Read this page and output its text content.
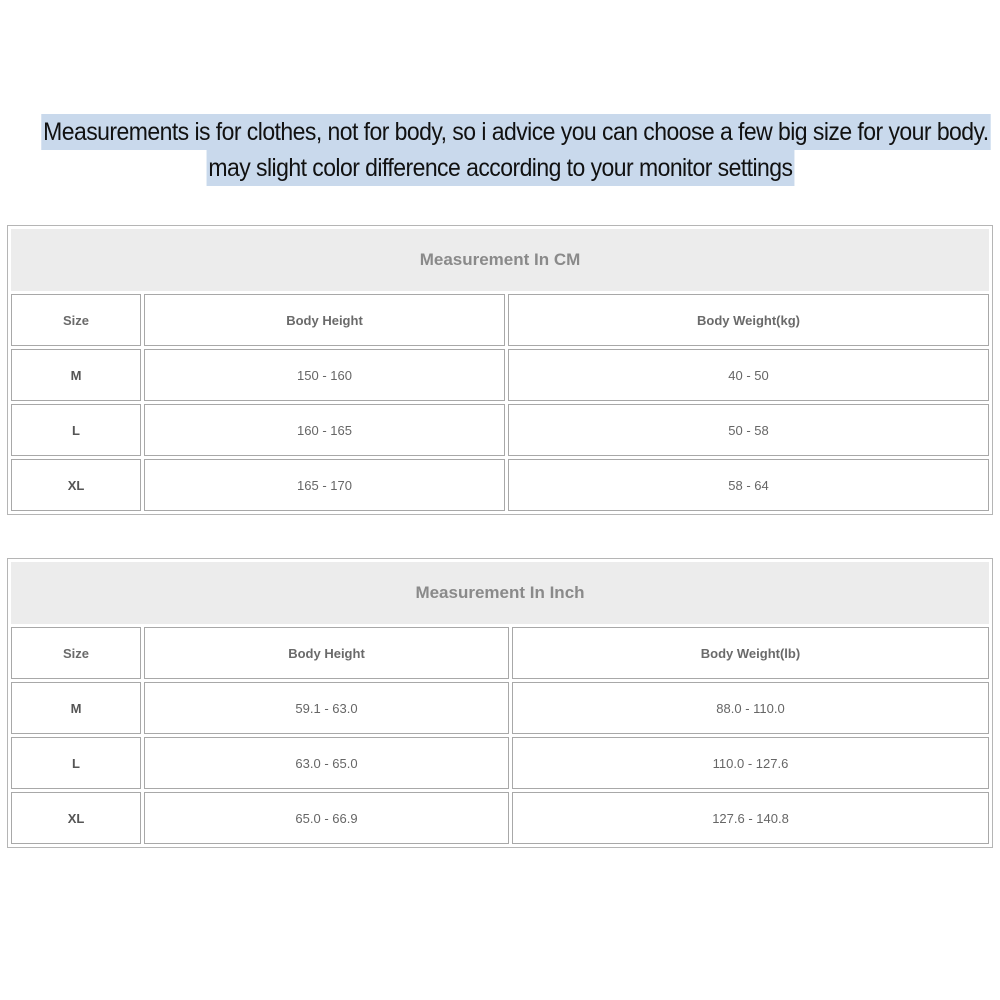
Measurements is for clothes, not for body, so i advice you can choose a few big size for your body.
may slight color difference according to your monitor settings
Measurement In CM		
Size	Body Height	Body Weight(kg)
M	150 - 160	40 - 50
L	160 - 165	50 - 58
XL	165 - 170	58 - 64
Measurement In Inch		
Size	Body Height	Body Weight(lb)
M	59.1 - 63.0	88.0 - 110.0
L	63.0 - 65.0	110.0 - 127.6
XL	65.0 - 66.9	127.6 - 140.8
